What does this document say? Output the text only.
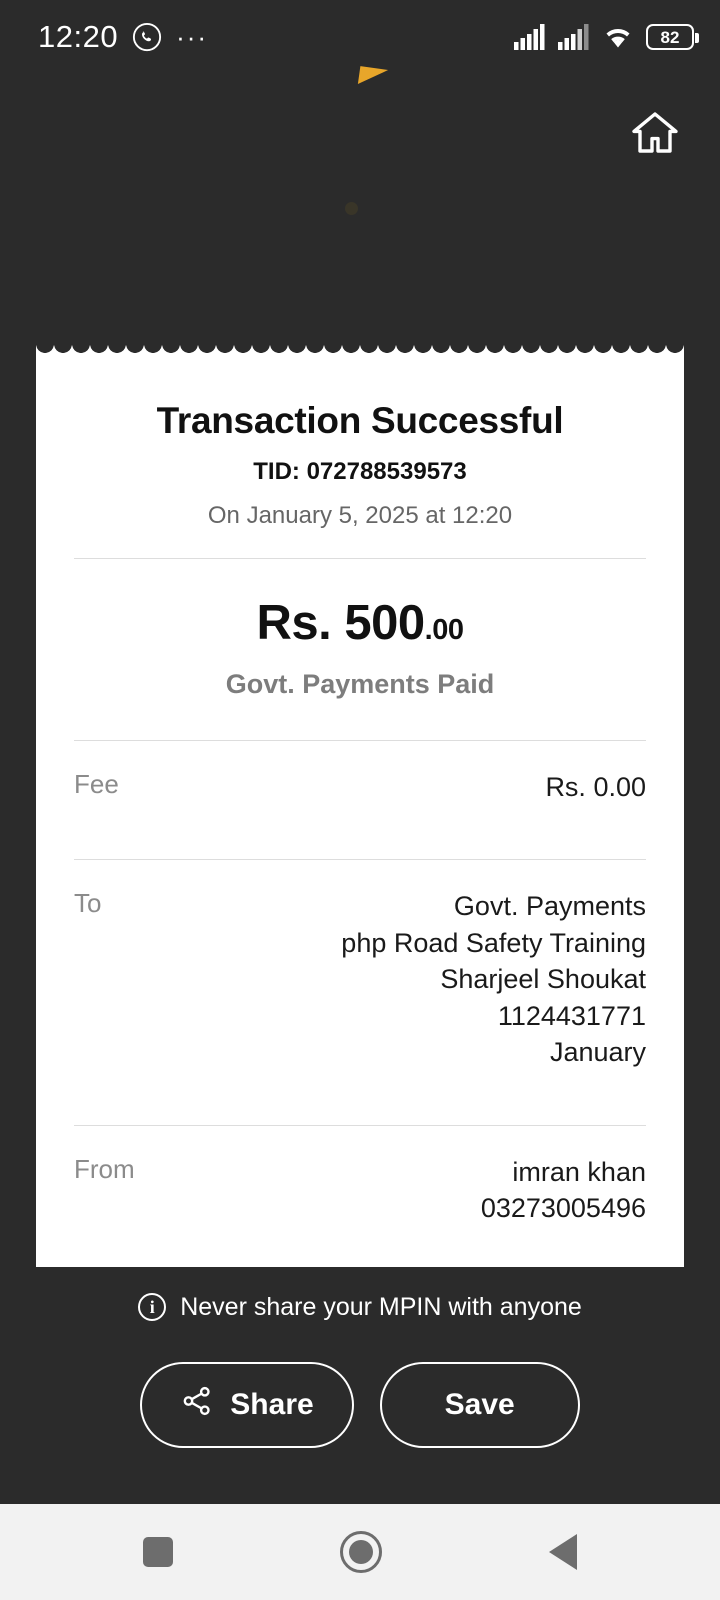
12:20 ···	82
Transaction Successful
TID: 072788539573
On January 5, 2025 at 12:20
Rs. 500.00
Govt. Payments Paid
Fee	Rs. 0.00
To	Govt. Payments
php Road Safety Training
Sharjeel Shoukat
1124431771
January
From	imran khan
03273005496
i	Never share your MPIN with anyone
Share	Save
